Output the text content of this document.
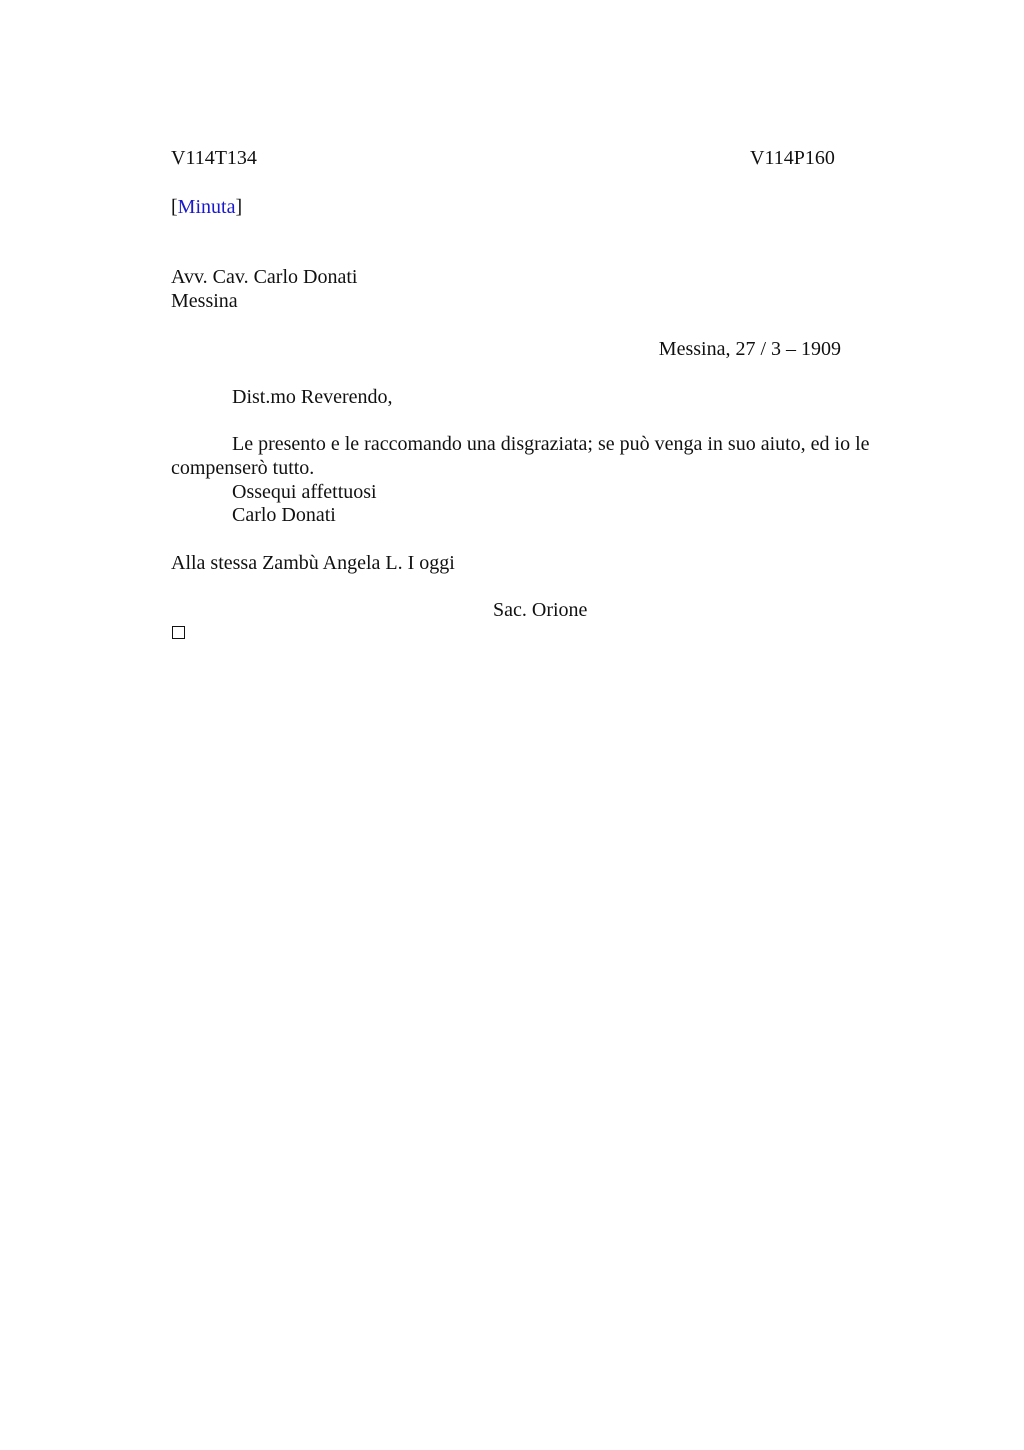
V114T134	V114P160
[Minuta]
Avv. Cav. Carlo Donati
Messina
Messina, 27 / 3 – 1909
Dist.mo Reverendo,
Le presento e le raccomando una disgraziata; se può venga in suo aiuto, ed io le compenserò tutto.
Ossequi affettuosi
Carlo Donati
Alla stessa Zambù Angela L. I oggi
Sac. Orione
